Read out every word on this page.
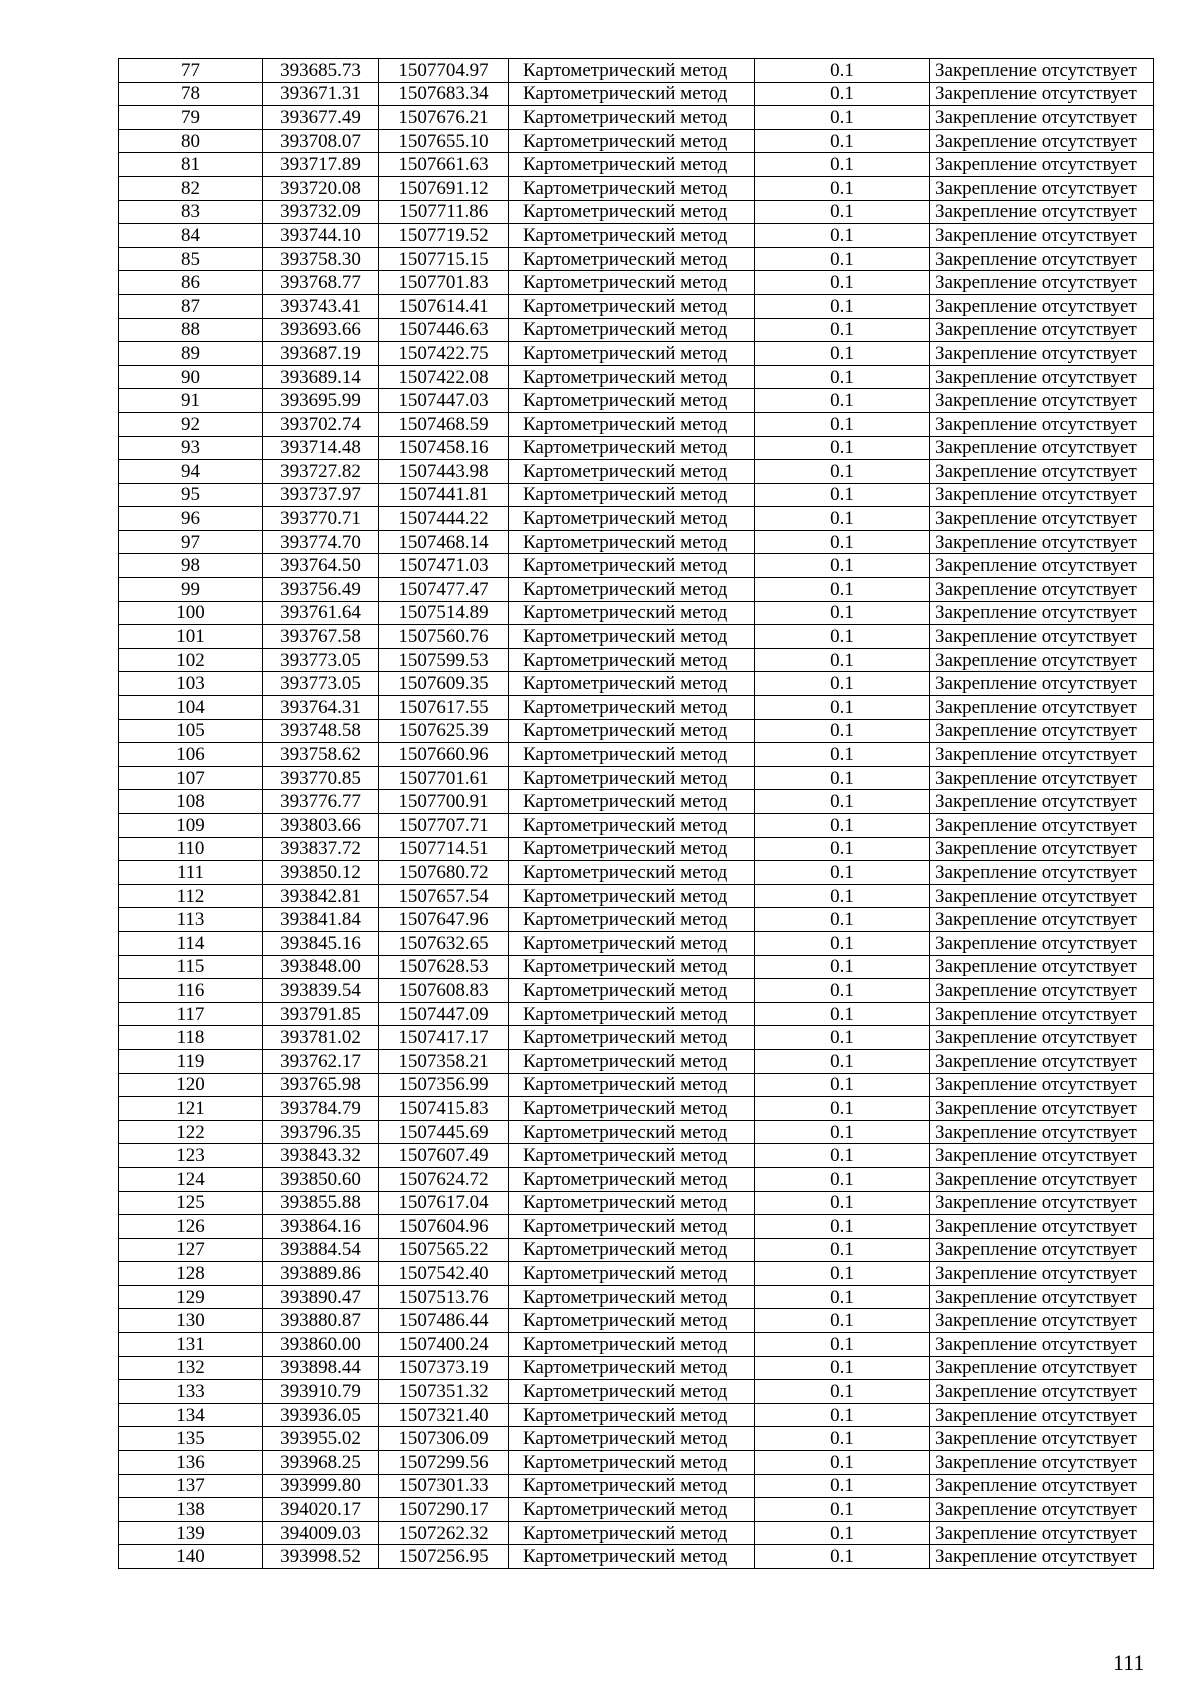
77	393685.73	1507704.97	Картометрический метод	0.1	Закрепление отсутствует
78	393671.31	1507683.34	Картометрический метод	0.1	Закрепление отсутствует
79	393677.49	1507676.21	Картометрический метод	0.1	Закрепление отсутствует
80	393708.07	1507655.10	Картометрический метод	0.1	Закрепление отсутствует
81	393717.89	1507661.63	Картометрический метод	0.1	Закрепление отсутствует
82	393720.08	1507691.12	Картометрический метод	0.1	Закрепление отсутствует
83	393732.09	1507711.86	Картометрический метод	0.1	Закрепление отсутствует
84	393744.10	1507719.52	Картометрический метод	0.1	Закрепление отсутствует
85	393758.30	1507715.15	Картометрический метод	0.1	Закрепление отсутствует
86	393768.77	1507701.83	Картометрический метод	0.1	Закрепление отсутствует
87	393743.41	1507614.41	Картометрический метод	0.1	Закрепление отсутствует
88	393693.66	1507446.63	Картометрический метод	0.1	Закрепление отсутствует
89	393687.19	1507422.75	Картометрический метод	0.1	Закрепление отсутствует
90	393689.14	1507422.08	Картометрический метод	0.1	Закрепление отсутствует
91	393695.99	1507447.03	Картометрический метод	0.1	Закрепление отсутствует
92	393702.74	1507468.59	Картометрический метод	0.1	Закрепление отсутствует
93	393714.48	1507458.16	Картометрический метод	0.1	Закрепление отсутствует
94	393727.82	1507443.98	Картометрический метод	0.1	Закрепление отсутствует
95	393737.97	1507441.81	Картометрический метод	0.1	Закрепление отсутствует
96	393770.71	1507444.22	Картометрический метод	0.1	Закрепление отсутствует
97	393774.70	1507468.14	Картометрический метод	0.1	Закрепление отсутствует
98	393764.50	1507471.03	Картометрический метод	0.1	Закрепление отсутствует
99	393756.49	1507477.47	Картометрический метод	0.1	Закрепление отсутствует
100	393761.64	1507514.89	Картометрический метод	0.1	Закрепление отсутствует
101	393767.58	1507560.76	Картометрический метод	0.1	Закрепление отсутствует
102	393773.05	1507599.53	Картометрический метод	0.1	Закрепление отсутствует
103	393773.05	1507609.35	Картометрический метод	0.1	Закрепление отсутствует
104	393764.31	1507617.55	Картометрический метод	0.1	Закрепление отсутствует
105	393748.58	1507625.39	Картометрический метод	0.1	Закрепление отсутствует
106	393758.62	1507660.96	Картометрический метод	0.1	Закрепление отсутствует
107	393770.85	1507701.61	Картометрический метод	0.1	Закрепление отсутствует
108	393776.77	1507700.91	Картометрический метод	0.1	Закрепление отсутствует
109	393803.66	1507707.71	Картометрический метод	0.1	Закрепление отсутствует
110	393837.72	1507714.51	Картометрический метод	0.1	Закрепление отсутствует
111	393850.12	1507680.72	Картометрический метод	0.1	Закрепление отсутствует
112	393842.81	1507657.54	Картометрический метод	0.1	Закрепление отсутствует
113	393841.84	1507647.96	Картометрический метод	0.1	Закрепление отсутствует
114	393845.16	1507632.65	Картометрический метод	0.1	Закрепление отсутствует
115	393848.00	1507628.53	Картометрический метод	0.1	Закрепление отсутствует
116	393839.54	1507608.83	Картометрический метод	0.1	Закрепление отсутствует
117	393791.85	1507447.09	Картометрический метод	0.1	Закрепление отсутствует
118	393781.02	1507417.17	Картометрический метод	0.1	Закрепление отсутствует
119	393762.17	1507358.21	Картометрический метод	0.1	Закрепление отсутствует
120	393765.98	1507356.99	Картометрический метод	0.1	Закрепление отсутствует
121	393784.79	1507415.83	Картометрический метод	0.1	Закрепление отсутствует
122	393796.35	1507445.69	Картометрический метод	0.1	Закрепление отсутствует
123	393843.32	1507607.49	Картометрический метод	0.1	Закрепление отсутствует
124	393850.60	1507624.72	Картометрический метод	0.1	Закрепление отсутствует
125	393855.88	1507617.04	Картометрический метод	0.1	Закрепление отсутствует
126	393864.16	1507604.96	Картометрический метод	0.1	Закрепление отсутствует
127	393884.54	1507565.22	Картометрический метод	0.1	Закрепление отсутствует
128	393889.86	1507542.40	Картометрический метод	0.1	Закрепление отсутствует
129	393890.47	1507513.76	Картометрический метод	0.1	Закрепление отсутствует
130	393880.87	1507486.44	Картометрический метод	0.1	Закрепление отсутствует
131	393860.00	1507400.24	Картометрический метод	0.1	Закрепление отсутствует
132	393898.44	1507373.19	Картометрический метод	0.1	Закрепление отсутствует
133	393910.79	1507351.32	Картометрический метод	0.1	Закрепление отсутствует
134	393936.05	1507321.40	Картометрический метод	0.1	Закрепление отсутствует
135	393955.02	1507306.09	Картометрический метод	0.1	Закрепление отсутствует
136	393968.25	1507299.56	Картометрический метод	0.1	Закрепление отсутствует
137	393999.80	1507301.33	Картометрический метод	0.1	Закрепление отсутствует
138	394020.17	1507290.17	Картометрический метод	0.1	Закрепление отсутствует
139	394009.03	1507262.32	Картометрический метод	0.1	Закрепление отсутствует
140	393998.52	1507256.95	Картометрический метод	0.1	Закрепление отсутствует
111
